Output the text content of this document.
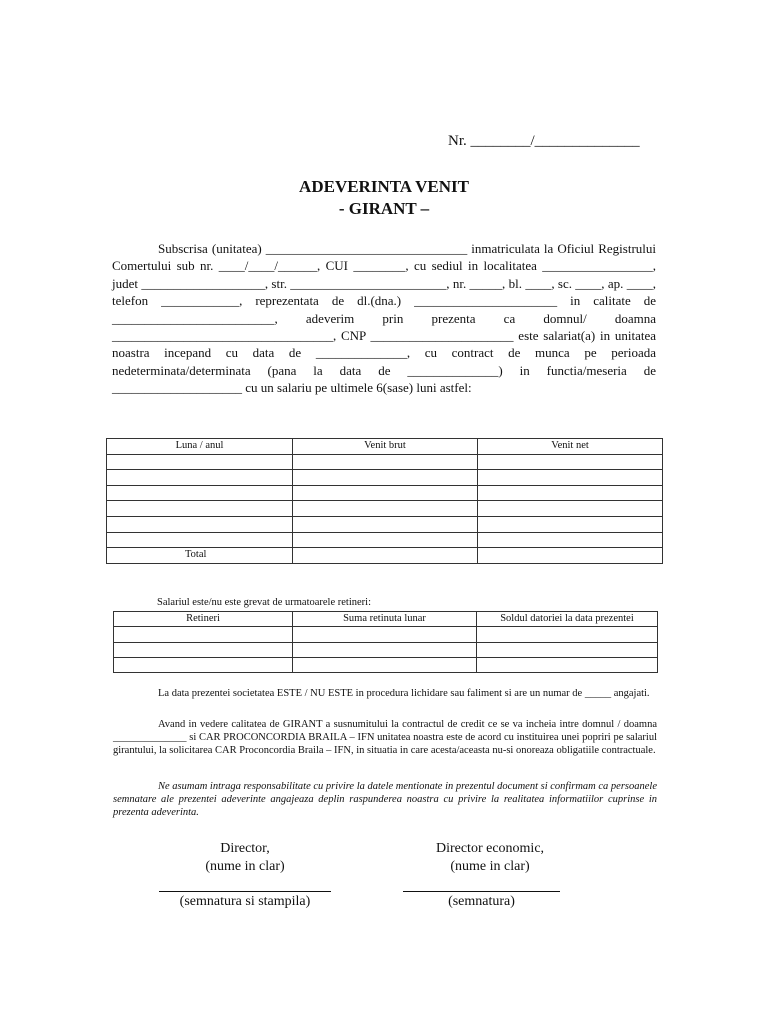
Nr. ________/______________
ADEVERINTA VENIT
- GIRANT –

Subscrisa (unitatea) _______________________________ inmatriculata la Oficiul Registrului Comertului sub nr. ____/____/______, CUI ________, cu sediul in localitatea _________________, judet ___________________, str. ________________________, nr. _____, bl. ____, sc. ____, ap. ____, telefon ____________, reprezentata de dl.(dna.) ______________________ in calitate de _________________________, adeverim prin prezenta ca domnul/ doamna __________________________________, CNP ______________________ este salariat(a) in unitatea noastra incepand cu data de ______________, cu contract de munca pe perioada nedeterminata/determinata (pana la data de ______________) in functia/meseria de ____________________ cu un salariu pe ultimele 6(sase) luni astfel:

Luna / anul	Venit brut	Venit net

Total		
Salariul este/nu este grevat de urmatoarele retineri:
Retineri	Suma retinuta lunar	Soldul datoriei la data prezentei

La data prezentei societatea ESTE / NU ESTE in procedura lichidare sau faliment si are un numar de _____ angajati.

Avand in vedere calitatea de GIRANT a susnumitului la contractul de credit ce se va incheia intre domnul / doamna ______________ si CAR PROCONCORDIA BRAILA – IFN unitatea noastra este de acord cu instituirea unei popriri pe salariul girantului, la solicitarea CAR Proconcordia Braila – IFN, in situatia in care acesta/aceasta nu-si onoreaza obligatiile contractuale.

Ne asumam intraga responsabilitate cu privire la datele mentionate in prezentul document si confirmam ca persoanele semnatare ale prezentei adeverinte angajeaza deplin raspunderea noastra cu privire la realitatea informatiilor cuprinse in prezenta adeverinta.

Director,
(nume in clar)
(semnatura si stampila)
Director economic,
(nume in clar)
(semnatura)
